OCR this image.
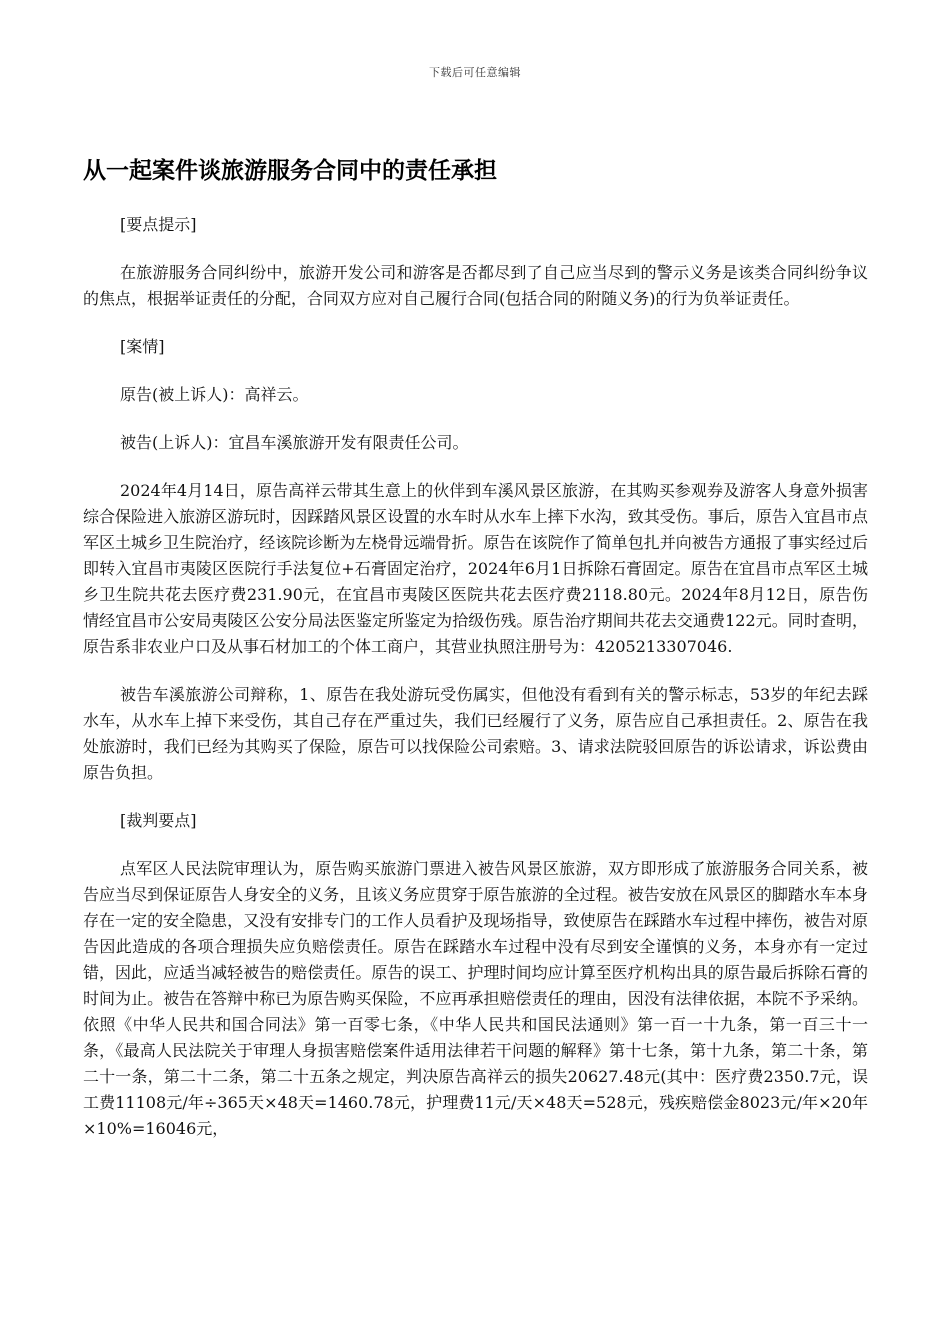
下载后可任意编辑
从一起案件谈旅游服务合同中的责任承担

[要点提示]

在旅游服务合同纠纷中，旅游开发公司和游客是否都尽到了自己应当尽到的警示义务是该类合同纠纷争议的焦点，根据举证责任的分配，合同双方应对自己履行合同(包括合同的附随义务)的行为负举证责任。

[案情]

原告(被上诉人)：高祥云。

被告(上诉人)：宜昌车溪旅游开发有限责任公司。

2024年4月14日，原告高祥云带其生意上的伙伴到车溪风景区旅游，在其购买参观券及游客人身意外损害综合保险进入旅游区游玩时，因踩踏风景区设置的水车时从水车上摔下水沟，致其受伤。事后，原告入宜昌市点军区土城乡卫生院治疗，经该院诊断为左桡骨远端骨折。原告在该院作了简单包扎并向被告方通报了事实经过后即转入宜昌市夷陵区医院行手法复位+石膏固定治疗，2024年6月1日拆除石膏固定。原告在宜昌市点军区土城乡卫生院共花去医疗费231.90元，在宜昌市夷陵区医院共花去医疗费2118.80元。2024年8月12日，原告伤情经宜昌市公安局夷陵区公安分局法医鉴定所鉴定为拾级伤残。原告治疗期间共花去交通费122元。同时查明，原告系非农业户口及从事石材加工的个体工商户，其营业执照注册号为：4205213307046.

被告车溪旅游公司辩称，1、原告在我处游玩受伤属实，但他没有看到有关的警示标志，53岁的年纪去踩水车，从水车上掉下来受伤，其自己存在严重过失，我们已经履行了义务，原告应自己承担责任。2、原告在我处旅游时，我们已经为其购买了保险，原告可以找保险公司索赔。3、请求法院驳回原告的诉讼请求，诉讼费由原告负担。

[裁判要点]

点军区人民法院审理认为，原告购买旅游门票进入被告风景区旅游，双方即形成了旅游服务合同关系，被告应当尽到保证原告人身安全的义务，且该义务应贯穿于原告旅游的全过程。被告安放在风景区的脚踏水车本身存在一定的安全隐患，又没有安排专门的工作人员看护及现场指导，致使原告在踩踏水车过程中摔伤，被告对原告因此造成的各项合理损失应负赔偿责任。原告在踩踏水车过程中没有尽到安全谨慎的义务，本身亦有一定过错，因此，应适当减轻被告的赔偿责任。原告的误工、护理时间均应计算至医疗机构出具的原告最后拆除石膏的时间为止。被告在答辩中称已为原告购买保险，不应再承担赔偿责任的理由，因没有法律依据，本院不予采纳。依照《中华人民共和国合同法》第一百零七条，《中华人民共和国民法通则》第一百一十九条，第一百三十一条，《最高人民法院关于审理人身损害赔偿案件适用法律若干问题的解释》第十七条，第十九条，第二十条，第二十一条，第二十二条，第二十五条之规定，判决原告高祥云的损失20627.48元(其中：医疗费2350.7元，误工费11108元/年÷365天×48天=1460.78元，护理费11元/天×48天=528元，残疾赔偿金8023元/年×20年×10%=16046元，
